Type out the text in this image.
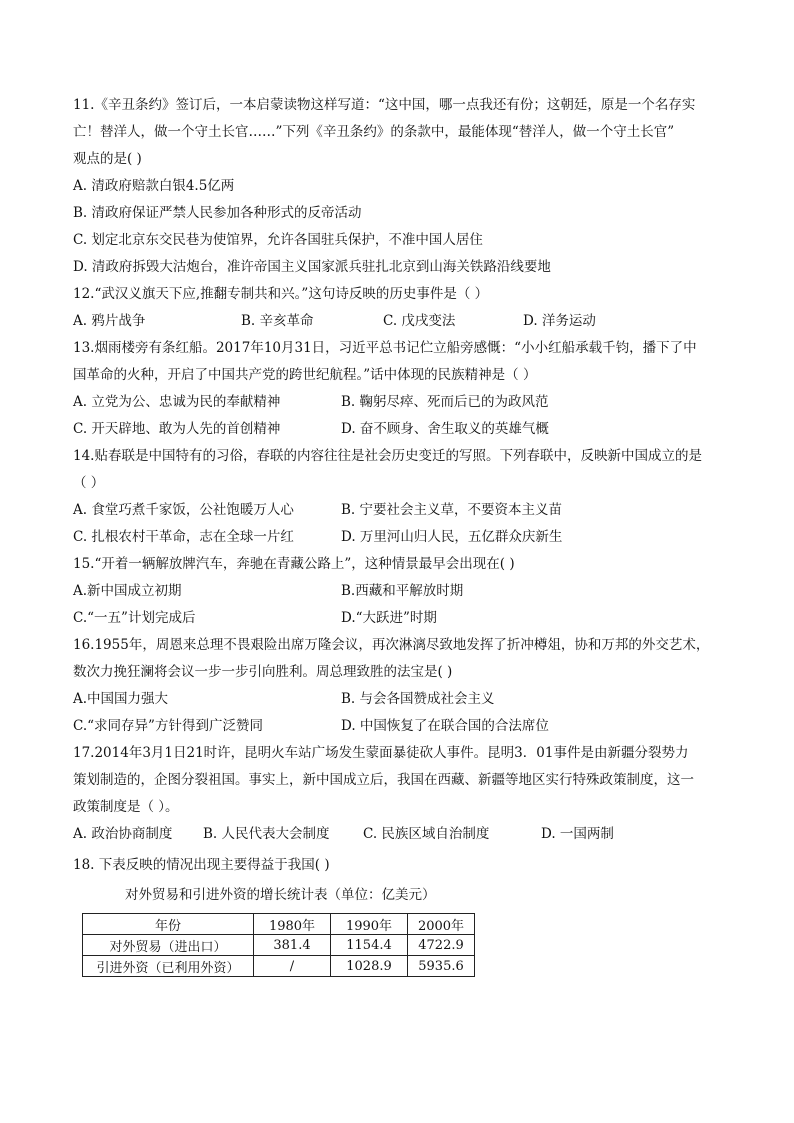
11.《辛丑条约》签订后，一本启蒙读物这样写道：“这中国，哪一点我还有份；这朝廷，原是一个名存实
亡！替洋人，做一个守土长官……”下列《辛丑条约》的条款中，最能体现“替洋人，做一个守土长官”
观点的是( )
A. 清政府赔款白银4.5亿两
B. 清政府保证严禁人民参加各种形式的反帝活动
C. 划定北京东交民巷为使馆界，允许各国驻兵保护，不准中国人居住
D. 清政府拆毁大沽炮台，准许帝国主义国家派兵驻扎北京到山海关铁路沿线要地
12.“武汉义旗天下应,推翻专制共和兴。”这句诗反映的历史事件是（ ）
A. 鸦片战争	B. 辛亥革命	C. 戊戌变法	D. 洋务运动
13.烟雨楼旁有条红船。2017年10月31日，习近平总书记伫立船旁感慨：“小小红船承载千钧，播下了中
国革命的火种，开启了中国共产党的跨世纪航程。”话中体现的民族精神是（ ）
A. 立党为公、忠诚为民的奉献精神	B. 鞠躬尽瘁、死而后已的为政风范
C. 开天辟地、敢为人先的首创精神	D. 奋不顾身、舍生取义的英雄气概
14.贴春联是中国特有的习俗，春联的内容往往是社会历史变迁的写照。下列春联中，反映新中国成立的是
（ ）
A. 食堂巧煮千家饭，公社饱暖万人心	B. 宁要社会主义草，不要资本主义苗
C. 扎根农村干革命，志在全球一片红	D. 万里河山归人民，五亿群众庆新生
15.“开着一辆解放牌汽车，奔驰在青藏公路上”，这种情景最早会出现在( )
A.新中国成立初期	B.西藏和平解放时期
C.“一五”计划完成后	D.“大跃进”时期
16.1955年，周恩来总理不畏艰险出席万隆会议，再次淋漓尽致地发挥了折冲樽俎，协和万邦的外交艺术，
数次力挽狂澜将会议一步一步引向胜利。周总理致胜的法宝是( )
A.中国国力强大	B. 与会各国赞成社会主义
C.“求同存异”方针得到广泛赞同	D. 中国恢复了在联合国的合法席位
17.2014年3月1日21时许，昆明火车站广场发生蒙面暴徒砍人事件。昆明3．01事件是由新疆分裂势力
策划制造的，企图分裂祖国。事实上，新中国成立后，我国在西藏、新疆等地区实行特殊政策制度，这一
政策制度是（ ）。
A. 政治协商制度 B. 人民代表大会制度 C. 民族区域自治制度	D. 一国两制
18. 下表反映的情况出现主要得益于我国( )
对外贸易和引进外资的增长统计表（单位：亿美元）
年份	1980年	1990年	2000年
对外贸易（进出口）	381.4	1154.4	4722.9
引进外资（已利用外资）	/	1028.9	5935.6
